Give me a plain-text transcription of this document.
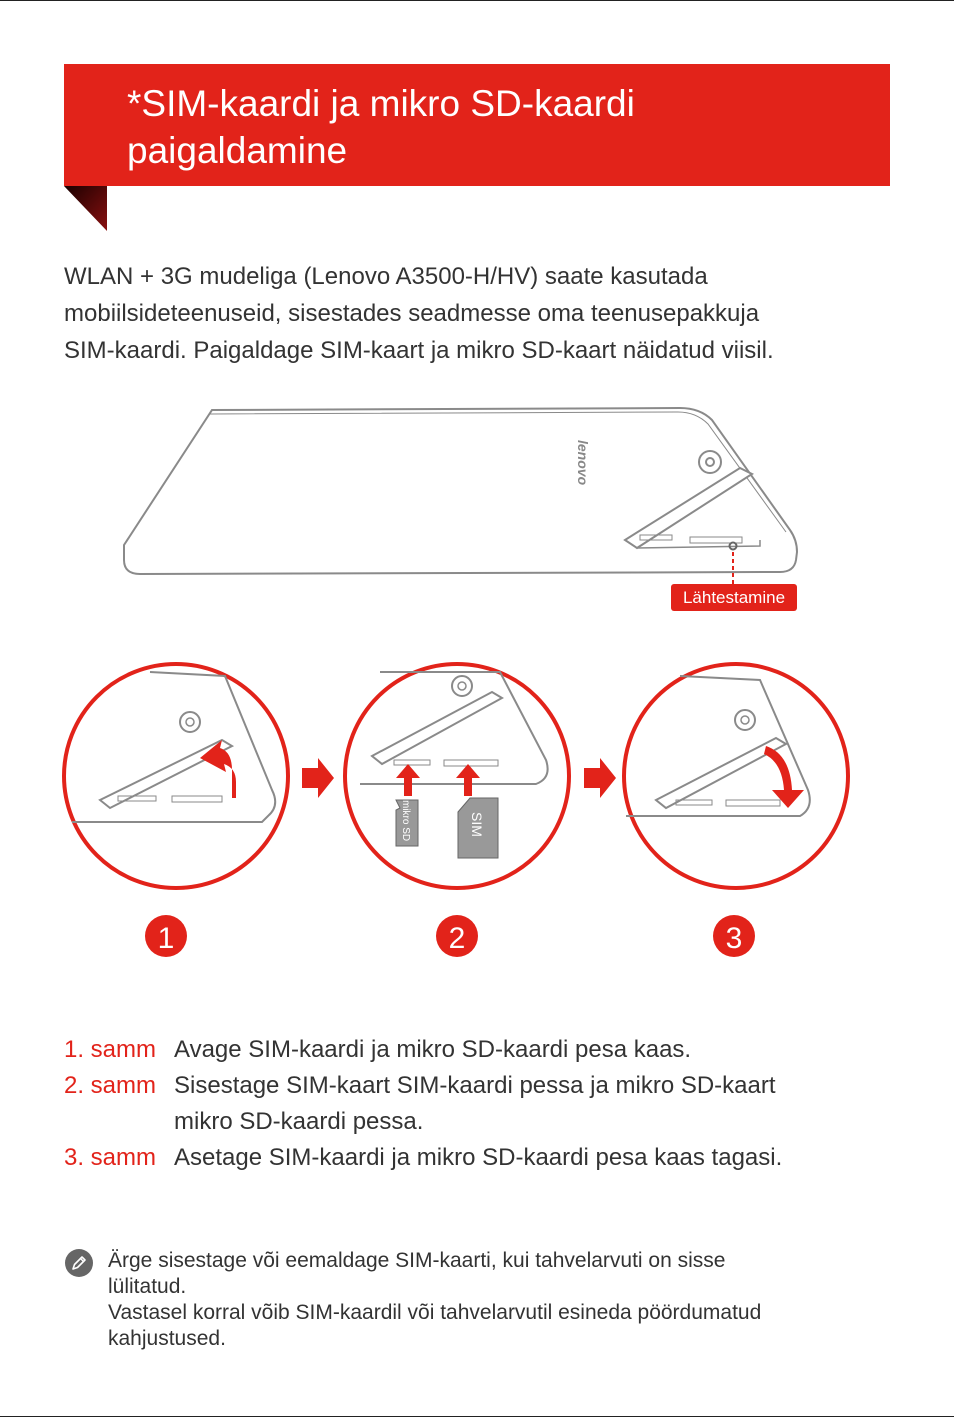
*SIM-kaardi ja mikro SD-kaardi
paigaldamine

WLAN + 3G mudeliga (Lenovo A3500-H/HV) saate kasutada
mobiilsideteenuseid, sisestades seadmesse oma teenusepakkuja
SIM-kaardi. Paigaldage SIM-kaart ja mikro SD-kaart näidatud viisil.

lenovo
Lähtestamine
1
mikro SD	SIM
2	3
1. samm Avage SIM-kaardi ja mikro SD-kaardi pesa kaas.
2. samm Sisestage SIM-kaart SIM-kaardi pessa ja mikro SD-kaart
mikro SD-kaardi pessa.
3. samm Asetage SIM-kaardi ja mikro SD-kaardi pesa kaas tagasi.
Ärge sisestage või eemaldage SIM-kaarti, kui tahvelarvuti on sisse
lülitatud.
Vastasel korral võib SIM-kaardil või tahvelarvutil esineda pöördumatud
kahjustused.
